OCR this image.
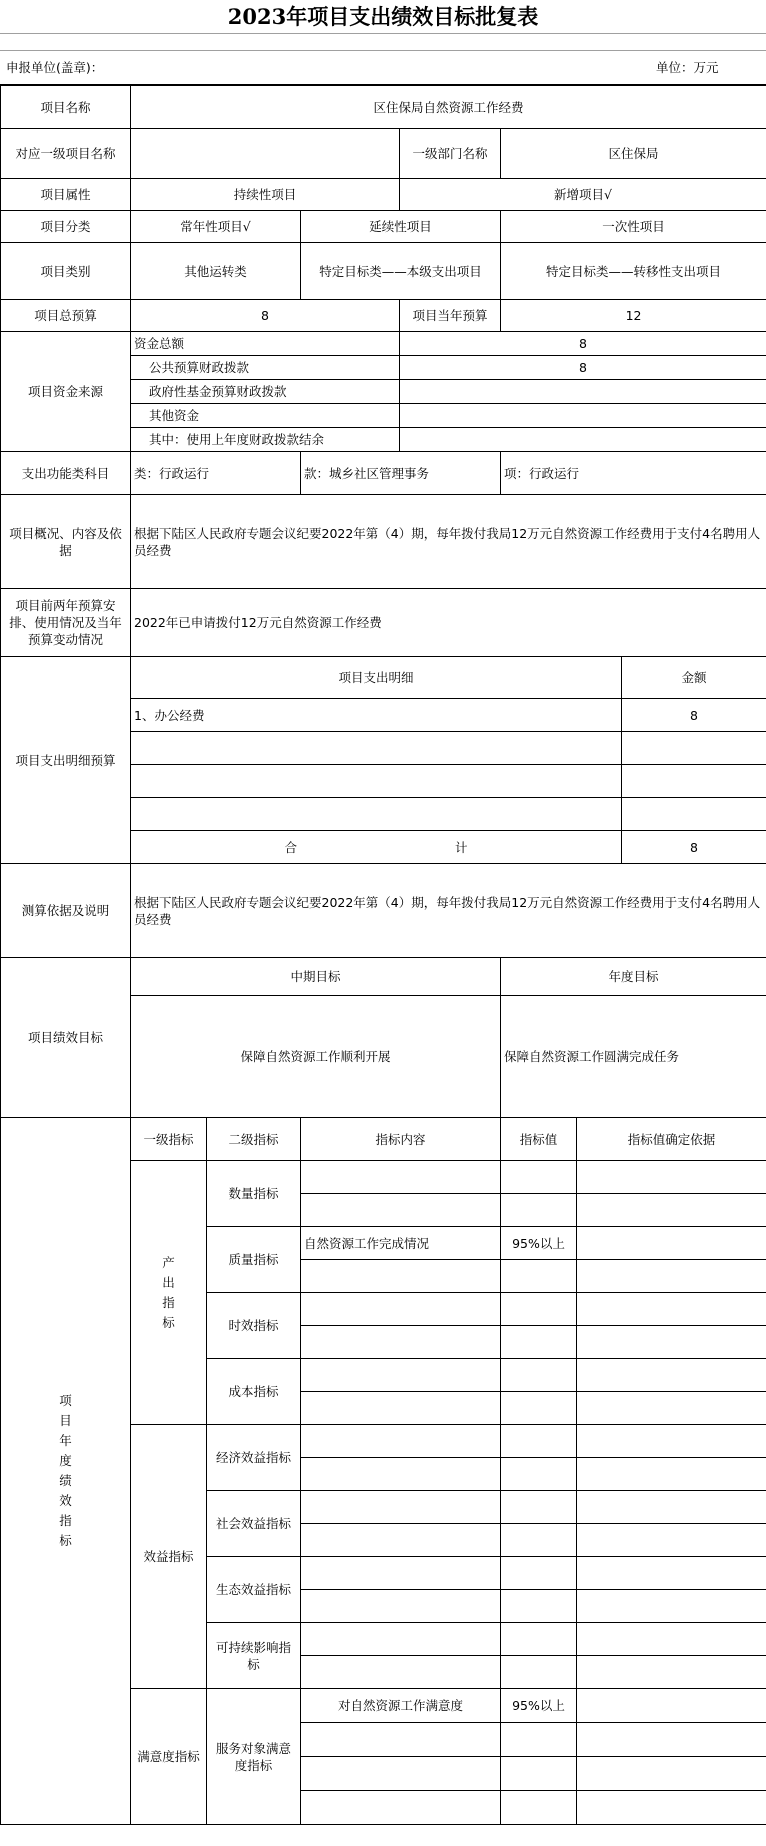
2023年项目支出绩效目标批复表
申报单位(盖章)：	单位：万元
项目名称	区住保局自然资源工作经费						
对应一级项目名称				一级部门名称	区住保局		
项目属性	持续性项目			新增项目√			
项目分类	常年性项目√		延续性项目		一次性项目		
项目类别	其他运转类		特定目标类——本级支出项目		特定目标类——转移性支出项目		
项目总预算	8			项目当年预算	12		
项目资金来源	资金总额			8			
	公共预算财政拨款			8			
	政府性基金预算财政拨款						
	其他资金						
	其中：使用上年度财政拨款结余						
支出功能类科目	类：行政运行		款：城乡社区管理事务		项：行政运行		
项目概况、内容及依据	根据下陆区人民政府专题会议纪要2022年第（4）期，每年拨付我局12万元自然资源工作经费用于支付4名聘用人员经费						
项目前两年预算安排、使用情况及当年预算变动情况	2022年已申请拨付12万元自然资源工作经费						
项目支出明细预算	项目支出明细						金额
	1、办公经费						8

	合 计						8
测算依据及说明	根据下陆区人民政府专题会议纪要2022年第（4）期，每年拨付我局12万元自然资源工作经费用于支付4名聘用人员经费						
项目绩效目标	中期目标				年度目标		
	保障自然资源工作顺利开展				保障自然资源工作圆满完成任务		

项目年度绩效指标	一级指标	二级指标	指标内容		指标值	指标值确定依据	

	产出指标	数量指标					

		质量指标	自然资源工作完成情况		95%以上		

		时效指标					

		成本指标					

	效益指标	经济效益指标					

		社会效益指标					

		生态效益指标					

		可持续影响指标					

	满意度指标	服务对象满意度指标	对自然资源工作满意度		95%以上		
